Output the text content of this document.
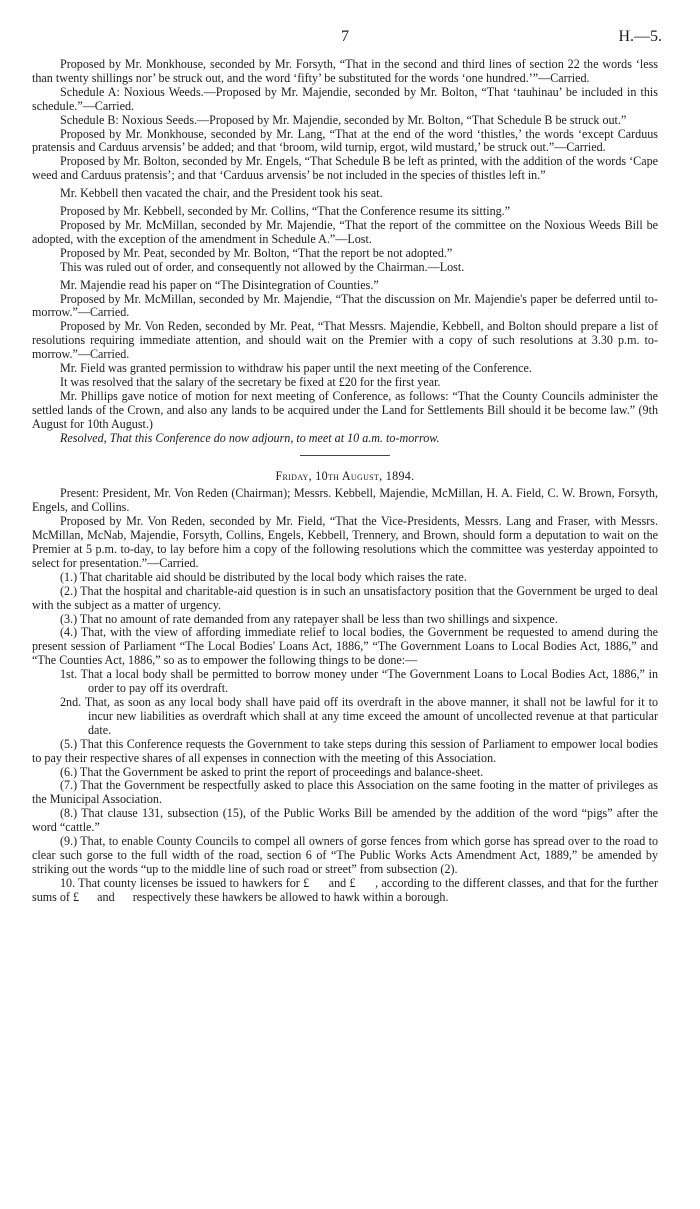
7	H.—5.

Proposed by Mr. Monkhouse, seconded by Mr. Forsyth, “That in the second and third lines of section 22 the words ‘less than twenty shillings nor’ be struck out, and the word ‘fifty’ be substituted for the words ‘one hundred.’”—Carried.

Schedule A: Noxious Weeds.—Proposed by Mr. Majendie, seconded by Mr. Bolton, “That ‘tauhinau’ be included in this schedule.”—Carried.

Schedule B: Noxious Seeds.—Proposed by Mr. Majendie, seconded by Mr. Bolton, “That Schedule B be struck out.”

Proposed by Mr. Monkhouse, seconded by Mr. Lang, “That at the end of the word ‘thistles,’ the words ‘except Carduus pratensis and Carduus arvensis’ be added; and that ‘broom, wild turnip, ergot, wild mustard,’ be struck out.”—Carried.

Proposed by Mr. Bolton, seconded by Mr. Engels, “That Schedule B be left as printed, with the addition of the words ‘Cape weed and Carduus pratensis’; and that ‘Carduus arvensis’ be not included in the species of thistles left in.”

Mr. Kebbell then vacated the chair, and the President took his seat.

Proposed by Mr. Kebbell, seconded by Mr. Collins, “That the Conference resume its sitting.”

Proposed by Mr. McMillan, seconded by Mr. Majendie, “That the report of the committee on the Noxious Weeds Bill be adopted, with the exception of the amendment in Schedule A.”—Lost.

Proposed by Mr. Peat, seconded by Mr. Bolton, “That the report be not adopted.”

This was ruled out of order, and consequently not allowed by the Chairman.—Lost.

Mr. Majendie read his paper on “The Disintegration of Counties.”

Proposed by Mr. McMillan, seconded by Mr. Majendie, “That the discussion on Mr. Majendie's paper be deferred until to-morrow.”—Carried.

Proposed by Mr. Von Reden, seconded by Mr. Peat, “That Messrs. Majendie, Kebbell, and Bolton should prepare a list of resolutions requiring immediate attention, and should wait on the Premier with a copy of such resolutions at 3.30 p.m. to-morrow.”—Carried.

Mr. Field was granted permission to withdraw his paper until the next meeting of the Conference.

It was resolved that the salary of the secretary be fixed at £20 for the first year.

Mr. Phillips gave notice of motion for next meeting of Conference, as follows: “That the County Councils administer the settled lands of the Crown, and also any lands to be acquired under the Land for Settlements Bill should it be become law.” (9th August for 10th August.)

Resolved, That this Conference do now adjourn, to meet at 10 a.m. to-morrow.

Friday, 10th August, 1894.

Present: President, Mr. Von Reden (Chairman); Messrs. Kebbell, Majendie, McMillan, H. A. Field, C. W. Brown, Forsyth, Engels, and Collins.

Proposed by Mr. Von Reden, seconded by Mr. Field, “That the Vice-Presidents, Messrs. Lang and Fraser, with Messrs. McMillan, McNab, Majendie, Forsyth, Collins, Engels, Kebbell, Trennery, and Brown, should form a deputation to wait on the Premier at 5 p.m. to-day, to lay before him a copy of the following resolutions which the committee was yesterday appointed to select for presentation.”—Carried.

(1.) That charitable aid should be distributed by the local body which raises the rate.

(2.) That the hospital and charitable-aid question is in such an unsatisfactory position that the Government be urged to deal with the subject as a matter of urgency.

(3.) That no amount of rate demanded from any ratepayer shall be less than two shillings and sixpence.

(4.) That, with the view of affording immediate relief to local bodies, the Government be requested to amend during the present session of Parliament “The Local Bodies' Loans Act, 1886,” “The Government Loans to Local Bodies Act, 1886,” and “The Counties Act, 1886,” so as to empower the following things to be done:—

1st. That a local body shall be permitted to borrow money under “The Government Loans to Local Bodies Act, 1886,” in order to pay off its overdraft.

2nd. That, as soon as any local body shall have paid off its overdraft in the above manner, it shall not be lawful for it to incur new liabilities as overdraft which shall at any time exceed the amount of uncollected revenue at that particular date.

(5.) That this Conference requests the Government to take steps during this session of Parliament to empower local bodies to pay their respective shares of all expenses in connection with the meeting of this Association.

(6.) That the Government be asked to print the report of proceedings and balance-sheet.

(7.) That the Government be respectfully asked to place this Association on the same footing in the matter of privileges as the Municipal Association.

(8.) That clause 131, subsection (15), of the Public Works Bill be amended by the addition of the word “pigs” after the word “cattle.”

(9.) That, to enable County Councils to compel all owners of gorse fences from which gorse has spread over to the road to clear such gorse to the full width of the road, section 6 of “The Public Works Acts Amendment Act, 1889,” be amended by striking out the words “up to the middle line of such road or street” from subsection (2).

10. That county licenses be issued to hawkers for £      and £      , according to the different classes, and that for the further sums of £      and      respectively these hawkers be allowed to hawk within a borough.
